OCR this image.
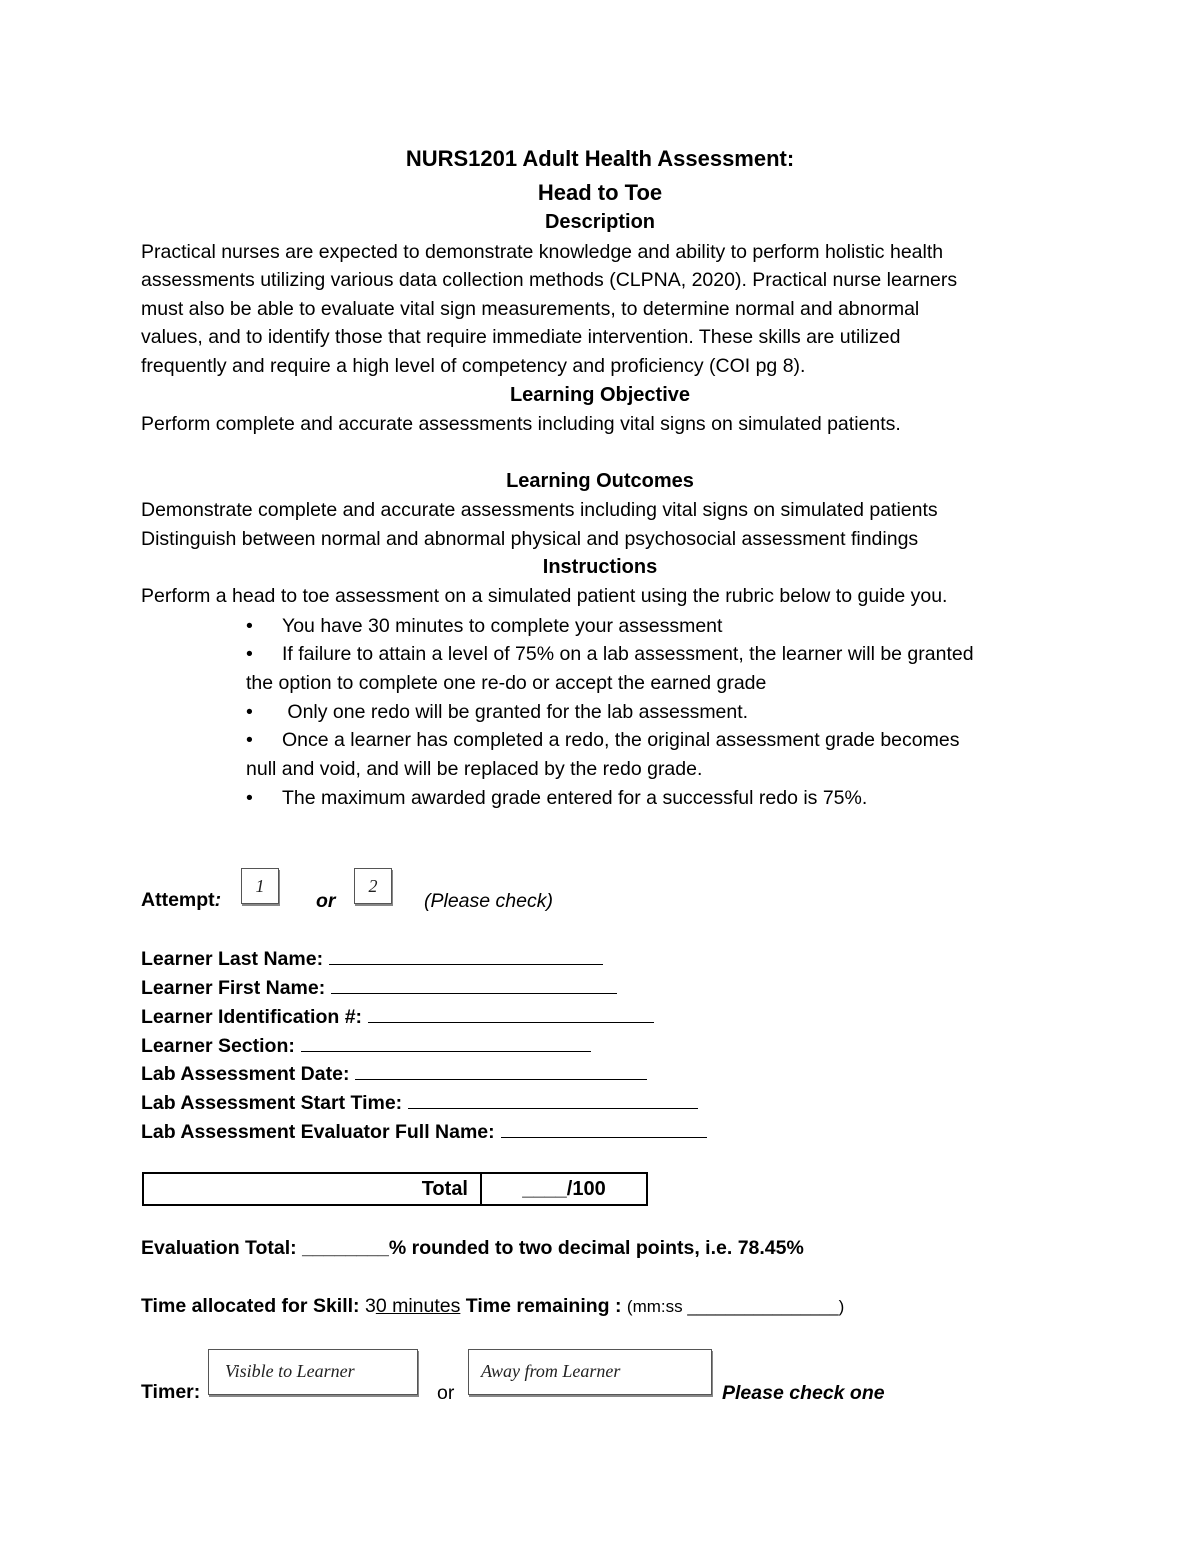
NURS1201 Adult Health Assessment:
Head to Toe
Description
Practical nurses are expected to demonstrate knowledge and ability to perform holistic health
assessments utilizing various data collection methods (CLPNA, 2020). Practical nurse learners
must also be able to evaluate vital sign measurements, to determine normal and abnormal
values, and to identify those that require immediate intervention. These skills are utilized
frequently and require a high level of competency and proficiency (COI pg 8).
Learning Objective
Perform complete and accurate assessments including vital signs on simulated patients.
Learning Outcomes
Demonstrate complete and accurate assessments including vital signs on simulated patients
Distinguish between normal and abnormal physical and psychosocial assessment findings
Instructions
Perform a head to toe assessment on a simulated patient using the rubric below to guide you.
• You have 30 minutes to complete your assessment
• If failure to attain a level of 75% on a lab assessment, the learner will be granted
the option to complete one re-do or accept the earned grade
• Only one redo will be granted for the lab assessment.
• Once a learner has completed a redo, the original assessment grade becomes
null and void, and will be replaced by the redo grade.
• The maximum awarded grade entered for a successful redo is 75%.
Attempt:
1
or
2
(Please check)
Learner Last Name:
Learner First Name:
Learner Identification #:
Learner Section:
Lab Assessment Date:
Lab Assessment Start Time:
Lab Assessment Evaluator Full Name:
Total	____/100
Evaluation Total: ________% rounded to two decimal points, i.e. 78.45%
Time allocated for Skill: 30 minutes Time remaining : (mm:ss ________________)
Timer:
Visible to Learner
or
Away from Learner
Please check one
